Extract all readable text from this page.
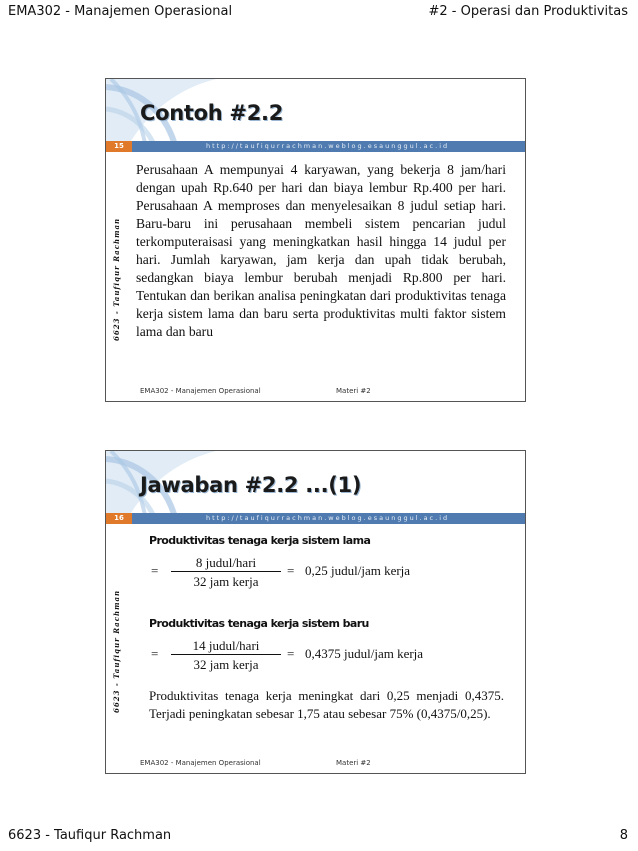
EMA302 - Manajemen Operasional	#2 - Operasi dan Produktivitas
Contoh #2.2
15	http://taufiqurrachman.weblog.esaunggul.ac.id
6623 - Taufiqur Rachman
Perusahaan A mempunyai 4 karyawan, yang bekerja 8 jam/hari dengan upah Rp.640 per hari dan biaya lembur Rp.400 per hari. Perusahaan A memproses dan menyelesaikan 8 judul setiap hari. Baru-baru ini perusahaan membeli sistem pencarian judul terkomputeraisasi yang meningkatkan hasil hingga 14 judul per hari. Jumlah karyawan, jam kerja dan upah tidak berubah, sedangkan biaya lembur berubah menjadi Rp.800 per hari. Tentukan dan berikan analisa peningkatan dari produktivitas tenaga kerja sistem lama dan baru serta produktivitas multi faktor sistem lama dan baru
EMA302 - Manajemen Operasional	Materi #2
Jawaban #2.2 ...(1)
16	http://taufiqurrachman.weblog.esaunggul.ac.id
6623 - Taufiqur Rachman
Produktivitas tenaga kerja sistem lama
=
8 judul/hari
32 jam kerja
= 0,25 judul/jam kerja
Produktivitas tenaga kerja sistem baru
=
14 judul/hari
32 jam kerja
= 0,4375 judul/jam kerja
Produktivitas tenaga kerja meningkat dari 0,25 menjadi 0,4375. Terjadi peningkatan sebesar 1,75 atau sebesar 75% (0,4375/0,25).
EMA302 - Manajemen Operasional	Materi #2
6623 - Taufiqur Rachman	8
